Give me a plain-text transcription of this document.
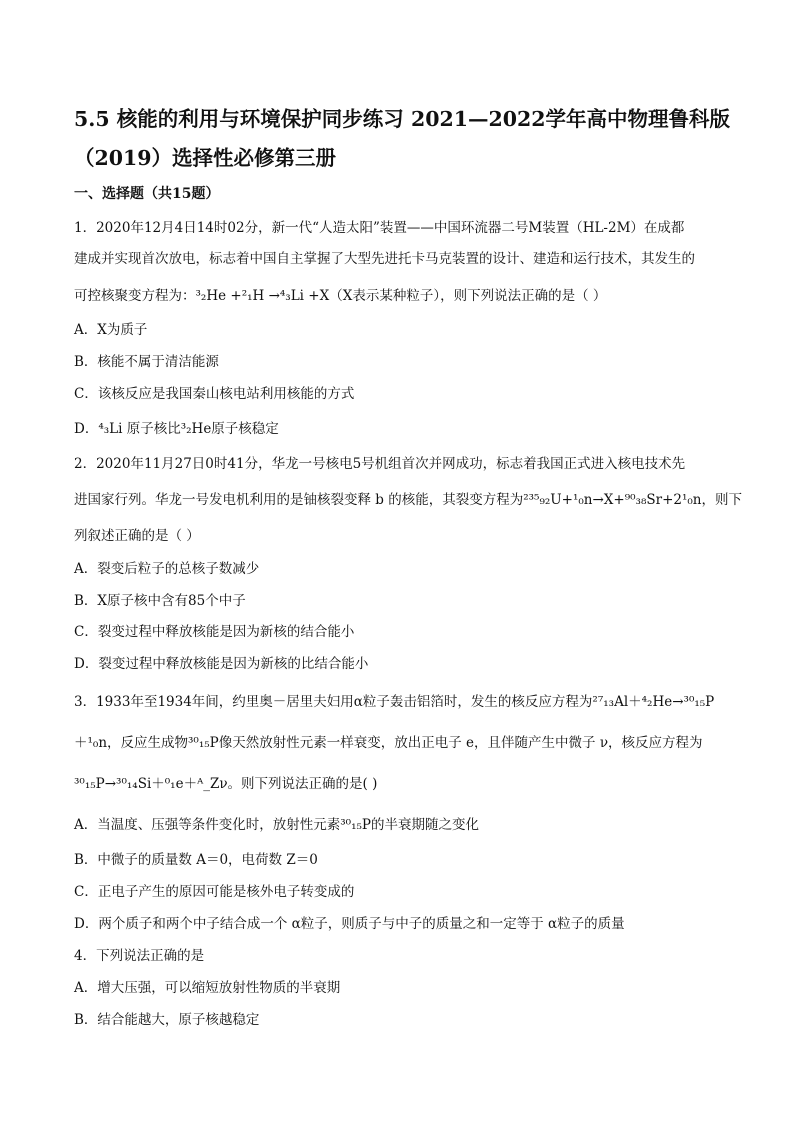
5.5 核能的利用与环境保护同步练习 2021—2022学年高中物理鲁科版
（2019）选择性必修第三册
一、选择题（共15题）
1．2020年12月4日14时02分，新一代“人造太阳”装置——中国环流器二号M装置（HL-2M）在成都
建成并实现首次放电，标志着中国自主掌握了大型先进托卡马克装置的设计、建造和运行技术，其发生的
可控核聚变方程为：³₂He +²₁H →⁴₃Li +X（X表示某种粒子），则下列说法正确的是（ ）
A．X为质子
B．核能不属于清洁能源
C．该核反应是我国秦山核电站利用核能的方式
D．⁴₃Li 原子核比³₂He原子核稳定
2．2020年11月27日0时41分，华龙一号核电5号机组首次并网成功，标志着我国正式进入核电技术先
进国家行列。华龙一号发电机利用的是铀核裂变释 b 的核能，其裂变方程为²³⁵₉₂U+¹₀n→X+⁹⁰₃₈Sr+2¹₀n，则下
列叙述正确的是（ ）
A．裂变后粒子的总核子数减少
B．X原子核中含有85个中子
C．裂变过程中释放核能是因为新核的结合能小
D．裂变过程中释放核能是因为新核的比结合能小
3．1933年至1934年间，约里奥－居里夫妇用α粒子轰击铝箔时，发生的核反应方程为²⁷₁₃Al＋⁴₂He→³⁰₁₅P
＋¹₀n，反应生成物³⁰₁₅P像天然放射性元素一样衰变，放出正电子 e，且伴随产生中微子 ν，核反应方程为
³⁰₁₅P→³⁰₁₄Si＋⁰₁e＋ᴬ_Zν。则下列说法正确的是( )
A．当温度、压强等条件变化时，放射性元素³⁰₁₅P的半衰期随之变化
B．中微子的质量数 A＝0，电荷数 Z＝0
C．正电子产生的原因可能是核外电子转变成的
D．两个质子和两个中子结合成一个 α粒子，则质子与中子的质量之和一定等于 α粒子的质量
4．下列说法正确的是
A．增大压强，可以缩短放射性物质的半衰期
B．结合能越大，原子核越稳定
